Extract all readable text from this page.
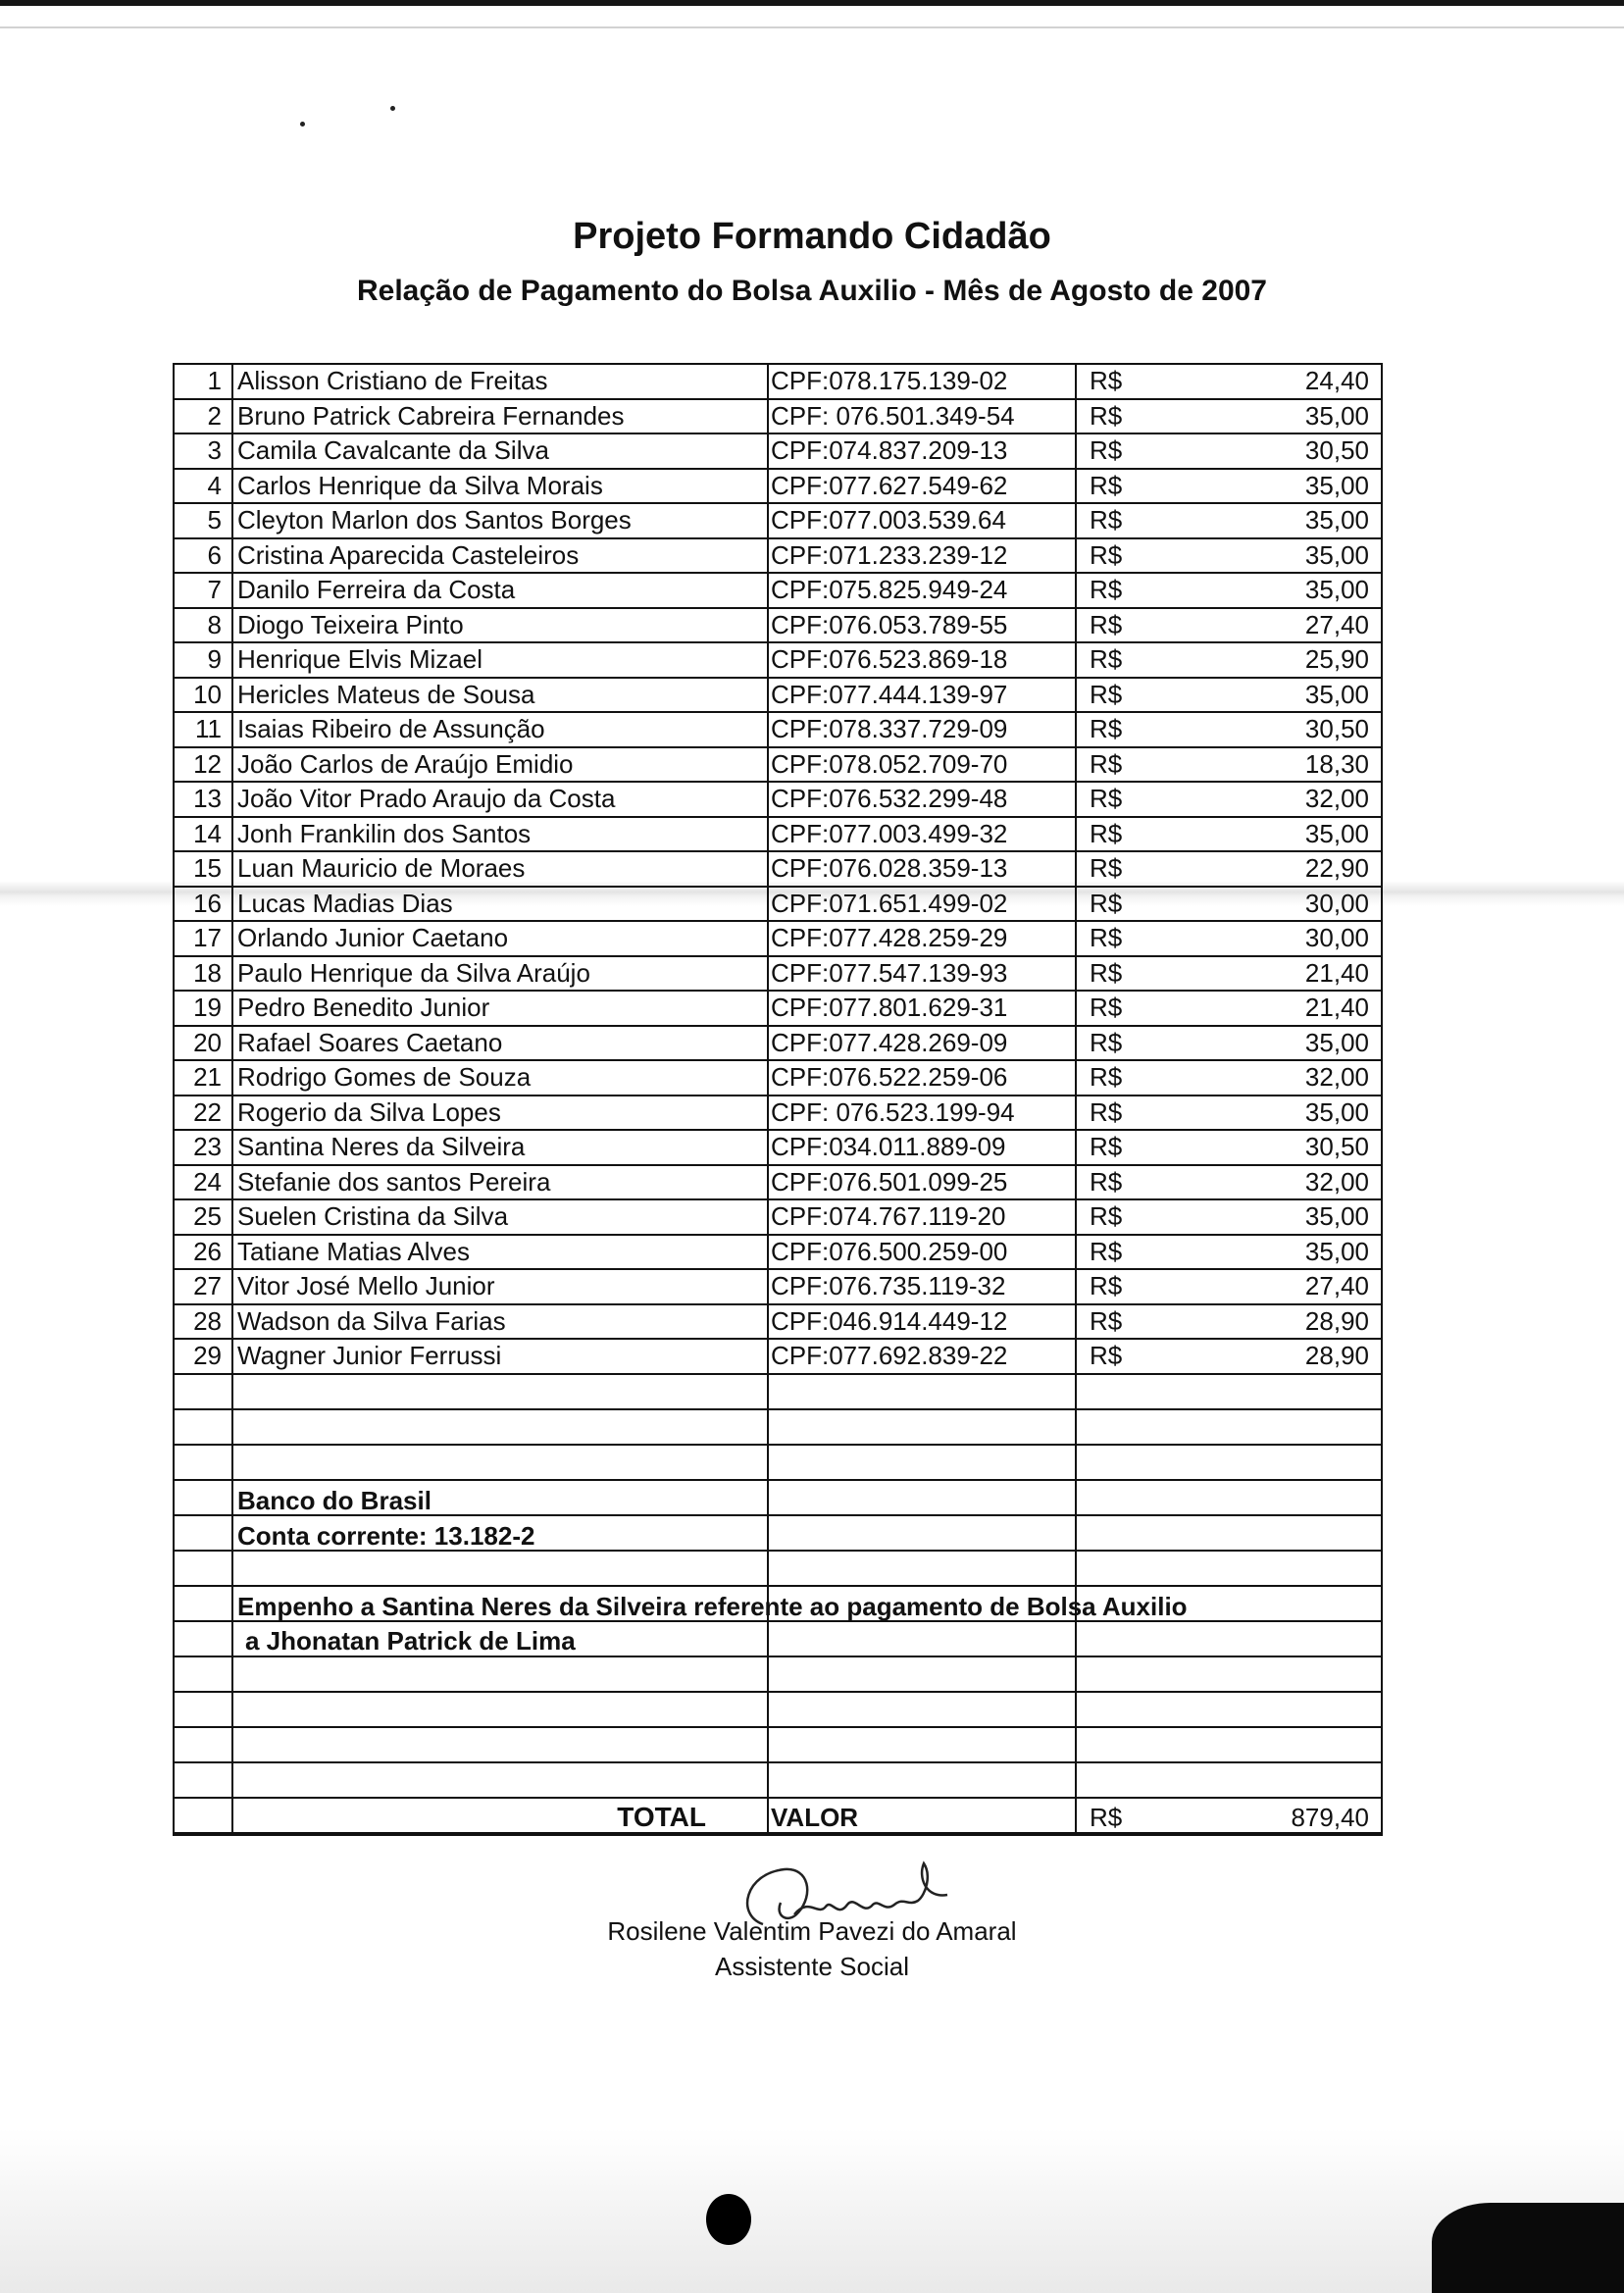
Projeto Formando Cidadão
Relação de Pagamento do Bolsa Auxilio - Mês de Agosto de 2007
1 Alisson Cristiano de Freitas	CPF:078.175.139-02	R$	24,40
2 Bruno Patrick Cabreira Fernandes	CPF: 076.501.349-54	R$	35,00
3 Camila Cavalcante da Silva	CPF:074.837.209-13	R$	30,50
4 Carlos Henrique da Silva Morais	CPF:077.627.549-62	R$	35,00
5 Cleyton Marlon dos Santos Borges	CPF:077.003.539.64	R$	35,00
6 Cristina Aparecida Casteleiros	CPF:071.233.239-12	R$	35,00
7 Danilo Ferreira da Costa	CPF:075.825.949-24	R$	35,00
8 Diogo Teixeira Pinto	CPF:076.053.789-55	R$	27,40
9 Henrique Elvis Mizael	CPF:076.523.869-18	R$	25,90
10 Hericles Mateus de Sousa	CPF:077.444.139-97	R$	35,00
11 Isaias Ribeiro de Assunção	CPF:078.337.729-09	R$	30,50
12 João Carlos de Araújo Emidio	CPF:078.052.709-70	R$	18,30
13 João Vitor Prado Araujo da Costa	CPF:076.532.299-48	R$	32,00
14 Jonh Frankilin dos Santos	CPF:077.003.499-32	R$	35,00
15 Luan Mauricio de Moraes	CPF:076.028.359-13	R$	22,90
16 Lucas Madias Dias	CPF:071.651.499-02	R$	30,00
17 Orlando Junior Caetano	CPF:077.428.259-29	R$	30,00
18 Paulo Henrique da Silva Araújo	CPF:077.547.139-93	R$	21,40
19 Pedro Benedito Junior	CPF:077.801.629-31	R$	21,40
20 Rafael Soares Caetano	CPF:077.428.269-09	R$	35,00
21 Rodrigo Gomes de Souza	CPF:076.522.259-06	R$	32,00
22 Rogerio da Silva Lopes	CPF: 076.523.199-94	R$	35,00
23 Santina Neres da Silveira	CPF:034.011.889-09	R$	30,50
24 Stefanie dos santos Pereira	CPF:076.501.099-25	R$	32,00
25 Suelen Cristina da Silva	CPF:074.767.119-20	R$	35,00
26 Tatiane Matias Alves	CPF:076.500.259-00	R$	35,00
27 Vitor José Mello Junior	CPF:076.735.119-32	R$	27,40
28 Wadson da Silva Farias	CPF:046.914.449-12	R$	28,90
29 Wagner Junior Ferrussi	CPF:077.692.839-22	R$	28,90
Banco do Brasil
Conta corrente: 13.182-2
Empenho a Santina Neres da Silveira referente ao pagamento de Bolsa Auxilio
a Jhonatan Patrick de Lima
TOTAL	VALOR	R$	879,40
Rosilene Valentim Pavezi do Amaral
Assistente Social
